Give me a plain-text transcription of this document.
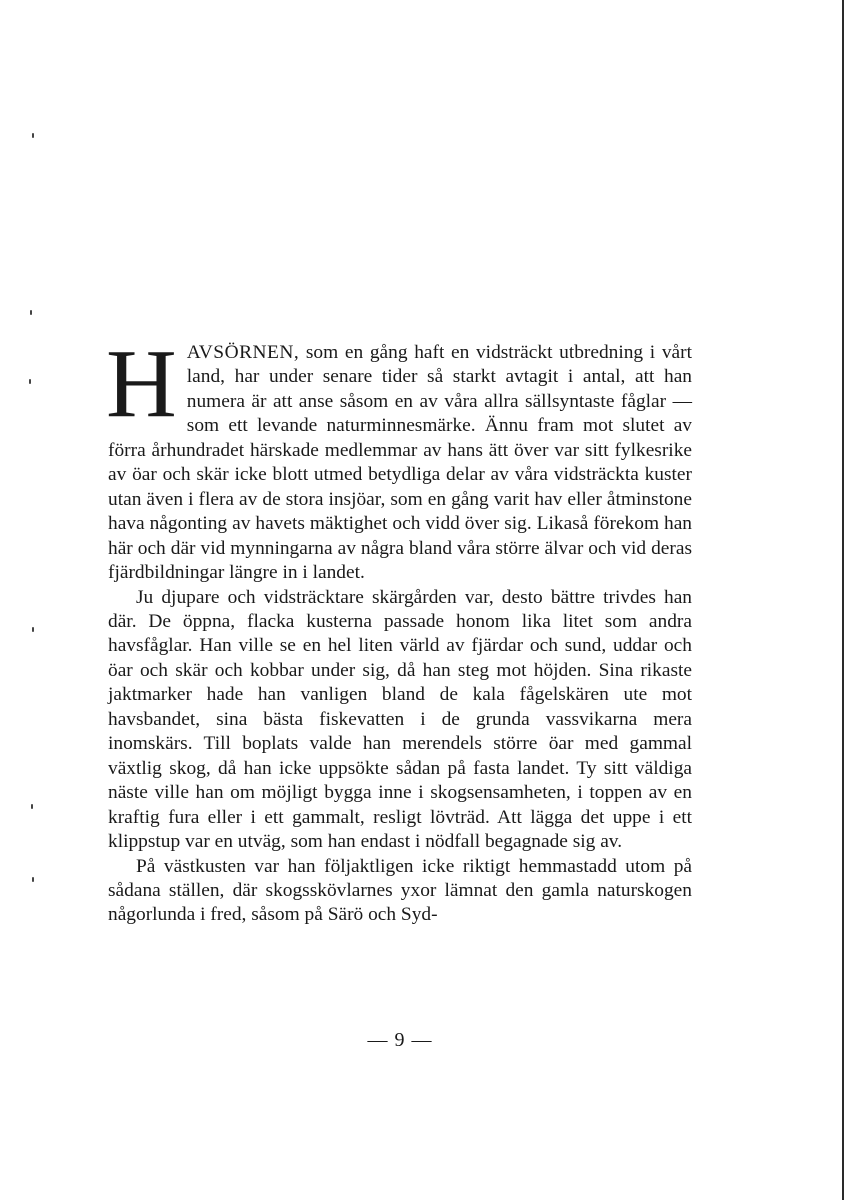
HAVSÖRNEN, som en gång haft en vidsträckt utbredning i vårt land, har under senare tider så starkt avtagit i antal, att han numera är att anse såsom en av våra allra sällsyntaste fåglar — som ett levande naturminnesmärke. Ännu fram mot slutet av förra århundradet härskade medlemmar av hans ätt över var sitt fylkesrike av öar och skär icke blott utmed betydliga delar av våra vidsträckta kuster utan även i flera av de stora insjöar, som en gång varit hav eller åtminstone hava någonting av havets mäktighet och vidd över sig. Likaså förekom han här och där vid mynningarna av några bland våra större älvar och vid deras fjärdbildningar längre in i landet.

Ju djupare och vidsträcktare skärgården var, desto bättre trivdes han där. De öppna, flacka kusterna passade honom lika litet som andra havsfåglar. Han ville se en hel liten värld av fjärdar och sund, uddar och öar och skär och kobbar under sig, då han steg mot höjden. Sina rikaste jaktmarker hade han vanligen bland de kala fågelskären ute mot havsbandet, sina bästa fiskevatten i de grunda vassvikarna mera inomskärs. Till boplats valde han merendels större öar med gammal växtlig skog, då han icke uppsökte sådan på fasta landet. Ty sitt väldiga näste ville han om möjligt bygga inne i skogsensamheten, i toppen av en kraftig fura eller i ett gammalt, resligt lövträd. Att lägga det uppe i ett klippstup var en utväg, som han endast i nödfall begagnade sig av.

På västkusten var han följaktligen icke riktigt hemmastadd utom på sådana ställen, där skogsskövlarnes yxor lämnat den gamla naturskogen någorlunda i fred, såsom på Särö och Syd-

— 9 —
